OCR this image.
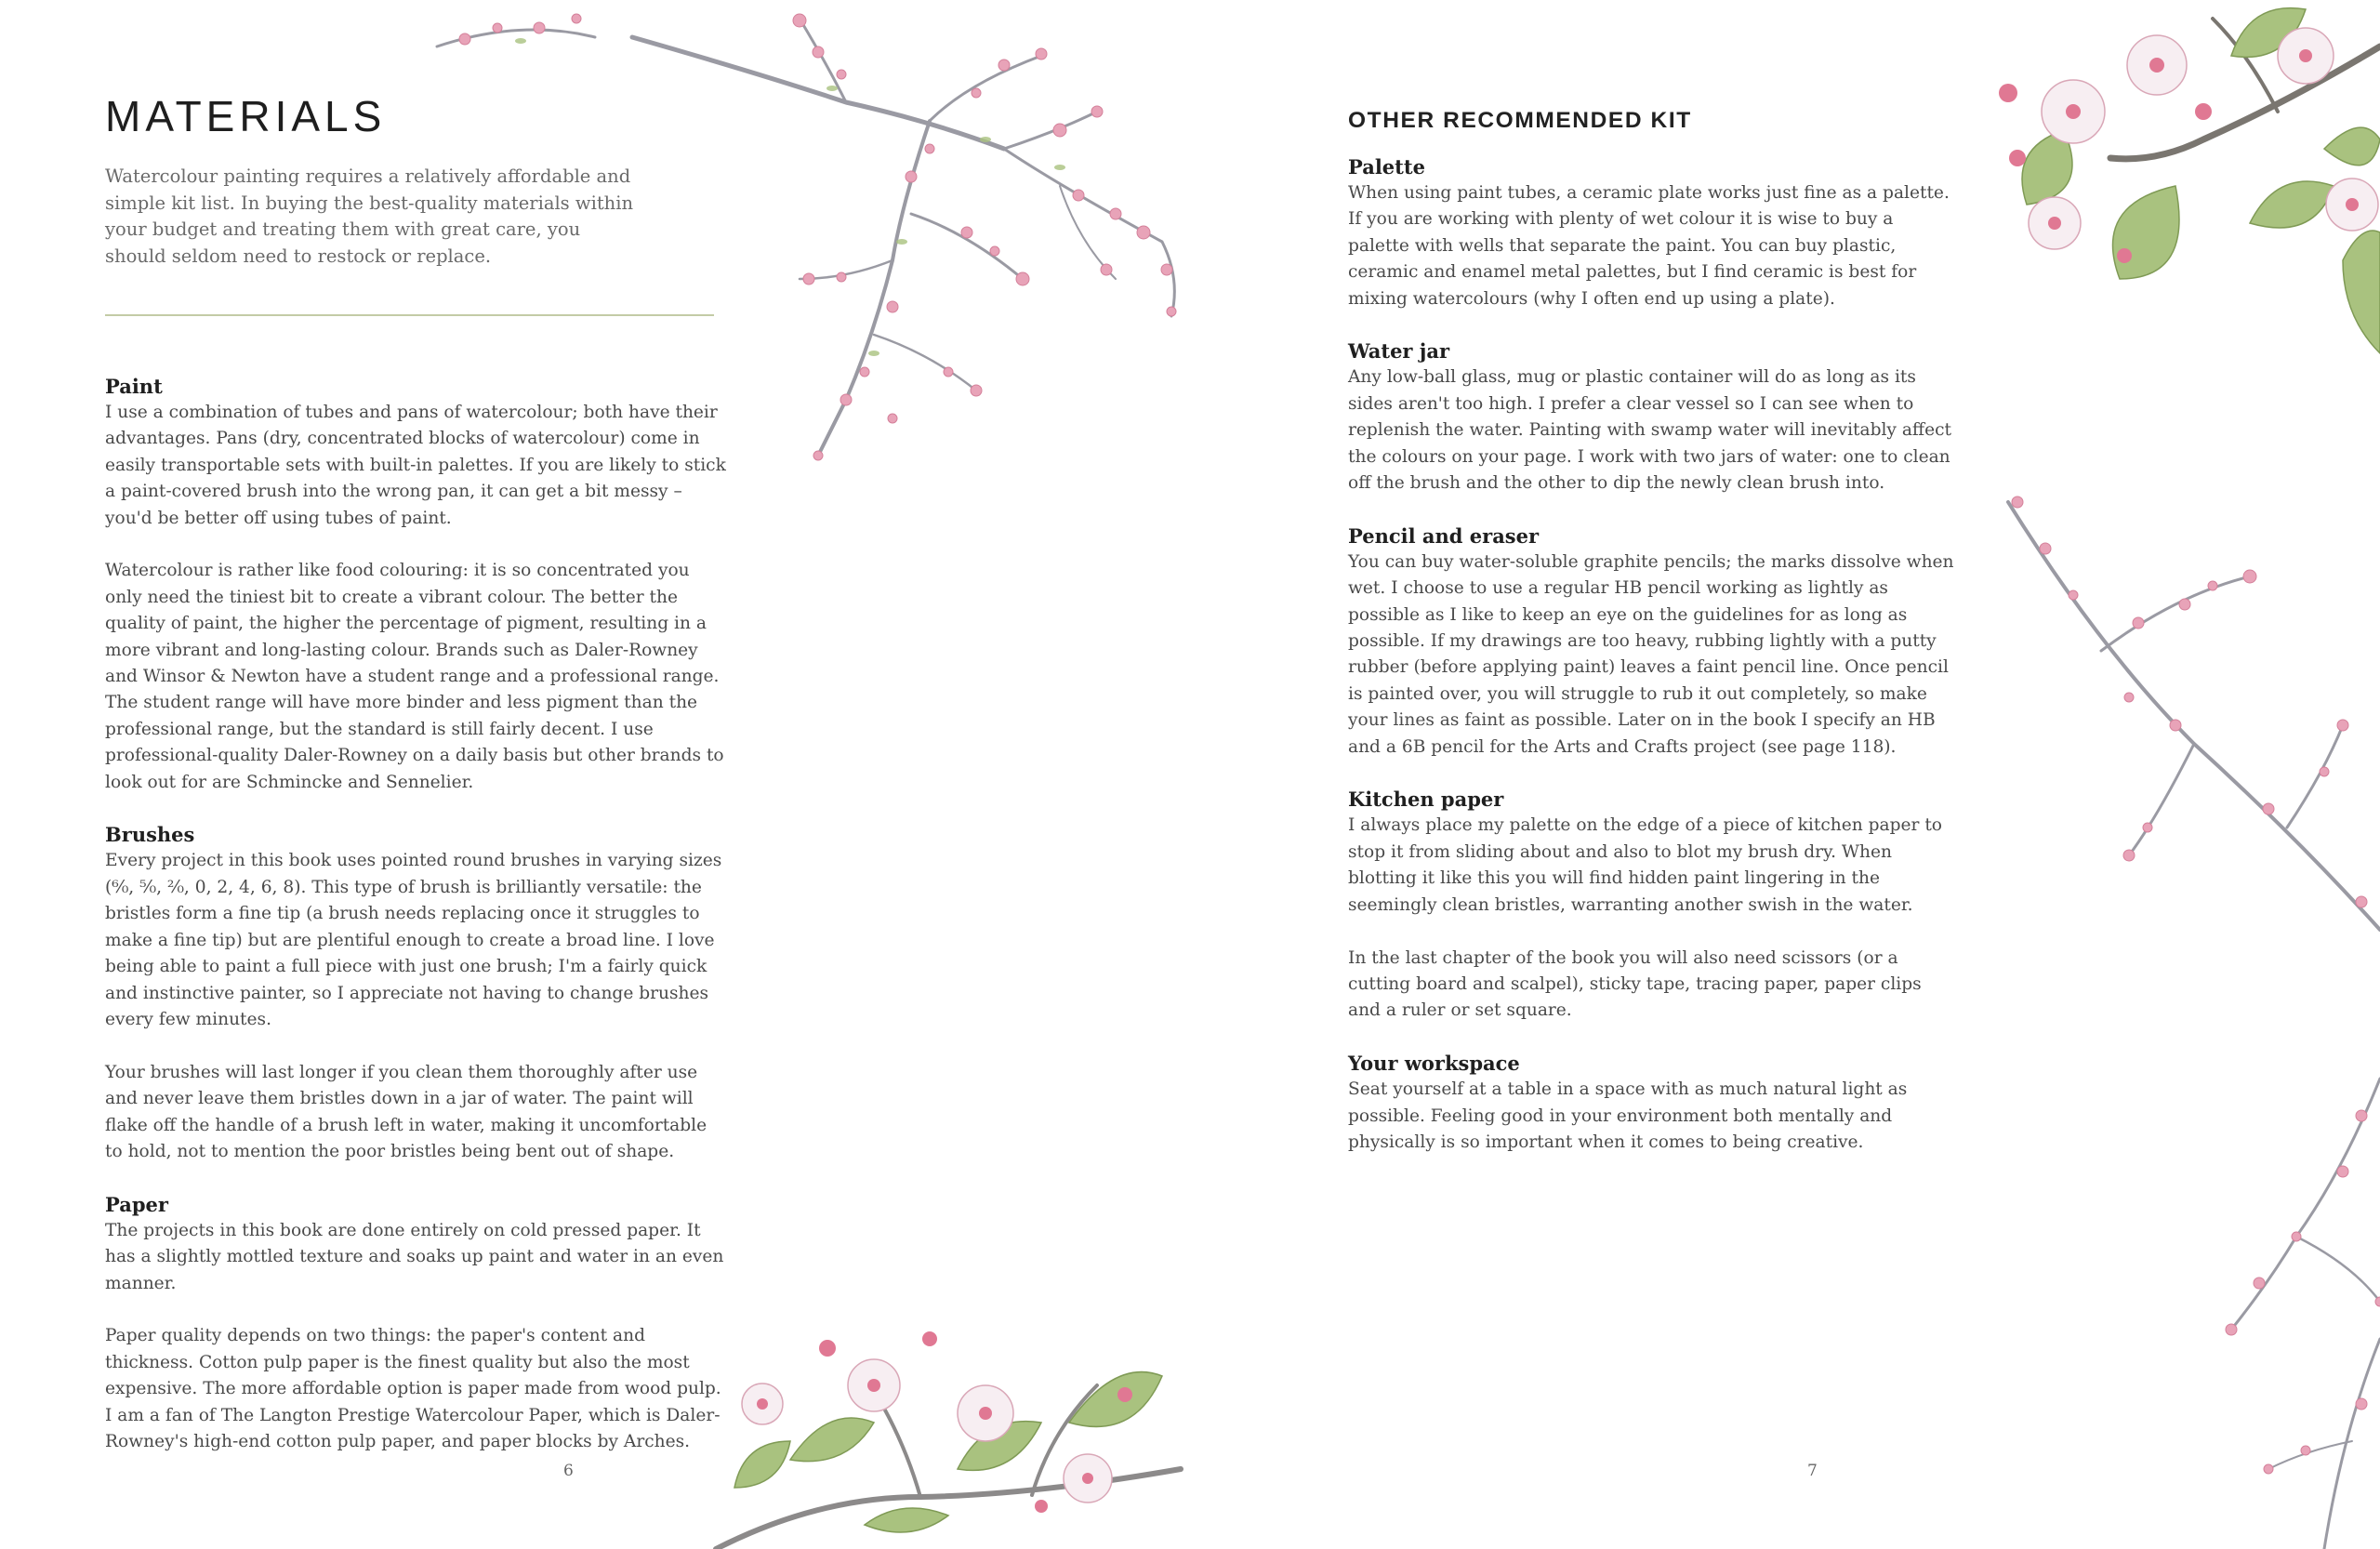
MATERIALS

Watercolour painting requires a relatively affordable and simple kit list. In buying the best-quality materials within your budget and treating them with great care, you should seldom need to restock or replace.

Paint

I use a combination of tubes and pans of watercolour; both have their advantages. Pans (dry, concentrated blocks of watercolour) come in easily transportable sets with built-in palettes. If you are likely to stick a paint-covered brush into the wrong pan, it can get a bit messy – you'd be better off using tubes of paint.

Watercolour is rather like food colouring: it is so concentrated you only need the tiniest bit to create a vibrant colour. The better the quality of paint, the higher the percentage of pigment, resulting in a more vibrant and long-lasting colour. Brands such as Daler-Rowney and Winsor & Newton have a student range and a professional range. The student range will have more binder and less pigment than the professional range, but the standard is still fairly decent. I use professional-quality Daler-Rowney on a daily basis but other brands to look out for are Schmincke and Sennelier.

Brushes

Every project in this book uses pointed round brushes in varying sizes (⁶⁄₀, ⁵⁄₀, ²⁄₀, 0, 2, 4, 6, 8). This type of brush is brilliantly versatile: the bristles form a fine tip (a brush needs replacing once it struggles to make a fine tip) but are plentiful enough to create a broad line. I love being able to paint a full piece with just one brush; I'm a fairly quick and instinctive painter, so I appreciate not having to change brushes every few minutes.

Your brushes will last longer if you clean them thoroughly after use and never leave them bristles down in a jar of water. The paint will flake off the handle of a brush left in water, making it uncomfortable to hold, not to mention the poor bristles being bent out of shape.

Paper

The projects in this book are done entirely on cold pressed paper. It has a slightly mottled texture and soaks up paint and water in an even manner.

Paper quality depends on two things: the paper's content and thickness. Cotton pulp paper is the finest quality but also the most expensive. The more affordable option is paper made from wood pulp. I am a fan of The Langton Prestige Watercolour Paper, which is Daler-Rowney's high-end cotton pulp paper, and paper blocks by Arches.

6
OTHER RECOMMENDED KIT
Palette

When using paint tubes, a ceramic plate works just fine as a palette. If you are working with plenty of wet colour it is wise to buy a palette with wells that separate the paint. You can buy plastic, ceramic and enamel metal palettes, but I find ceramic is best for mixing watercolours (why I often end up using a plate).

Water jar

Any low-ball glass, mug or plastic container will do as long as its sides aren't too high. I prefer a clear vessel so I can see when to replenish the water. Painting with swamp water will inevitably affect the colours on your page. I work with two jars of water: one to clean off the brush and the other to dip the newly clean brush into.

Pencil and eraser

You can buy water-soluble graphite pencils; the marks dissolve when wet. I choose to use a regular HB pencil working as lightly as possible as I like to keep an eye on the guidelines for as long as possible. If my drawings are too heavy, rubbing lightly with a putty rubber (before applying paint) leaves a faint pencil line. Once pencil is painted over, you will struggle to rub it out completely, so make your lines as faint as possible. Later on in the book I specify an HB and a 6B pencil for the Arts and Crafts project (see page 118).

Kitchen paper

I always place my palette on the edge of a piece of kitchen paper to stop it from sliding about and also to blot my brush dry. When blotting it like this you will find hidden paint lingering in the seemingly clean bristles, warranting another swish in the water.

In the last chapter of the book you will also need scissors (or a cutting board and scalpel), sticky tape, tracing paper, paper clips and a ruler or set square.

Your workspace

Seat yourself at a table in a space with as much natural light as possible. Feeling good in your environment both mentally and physically is so important when it comes to being creative.

7
